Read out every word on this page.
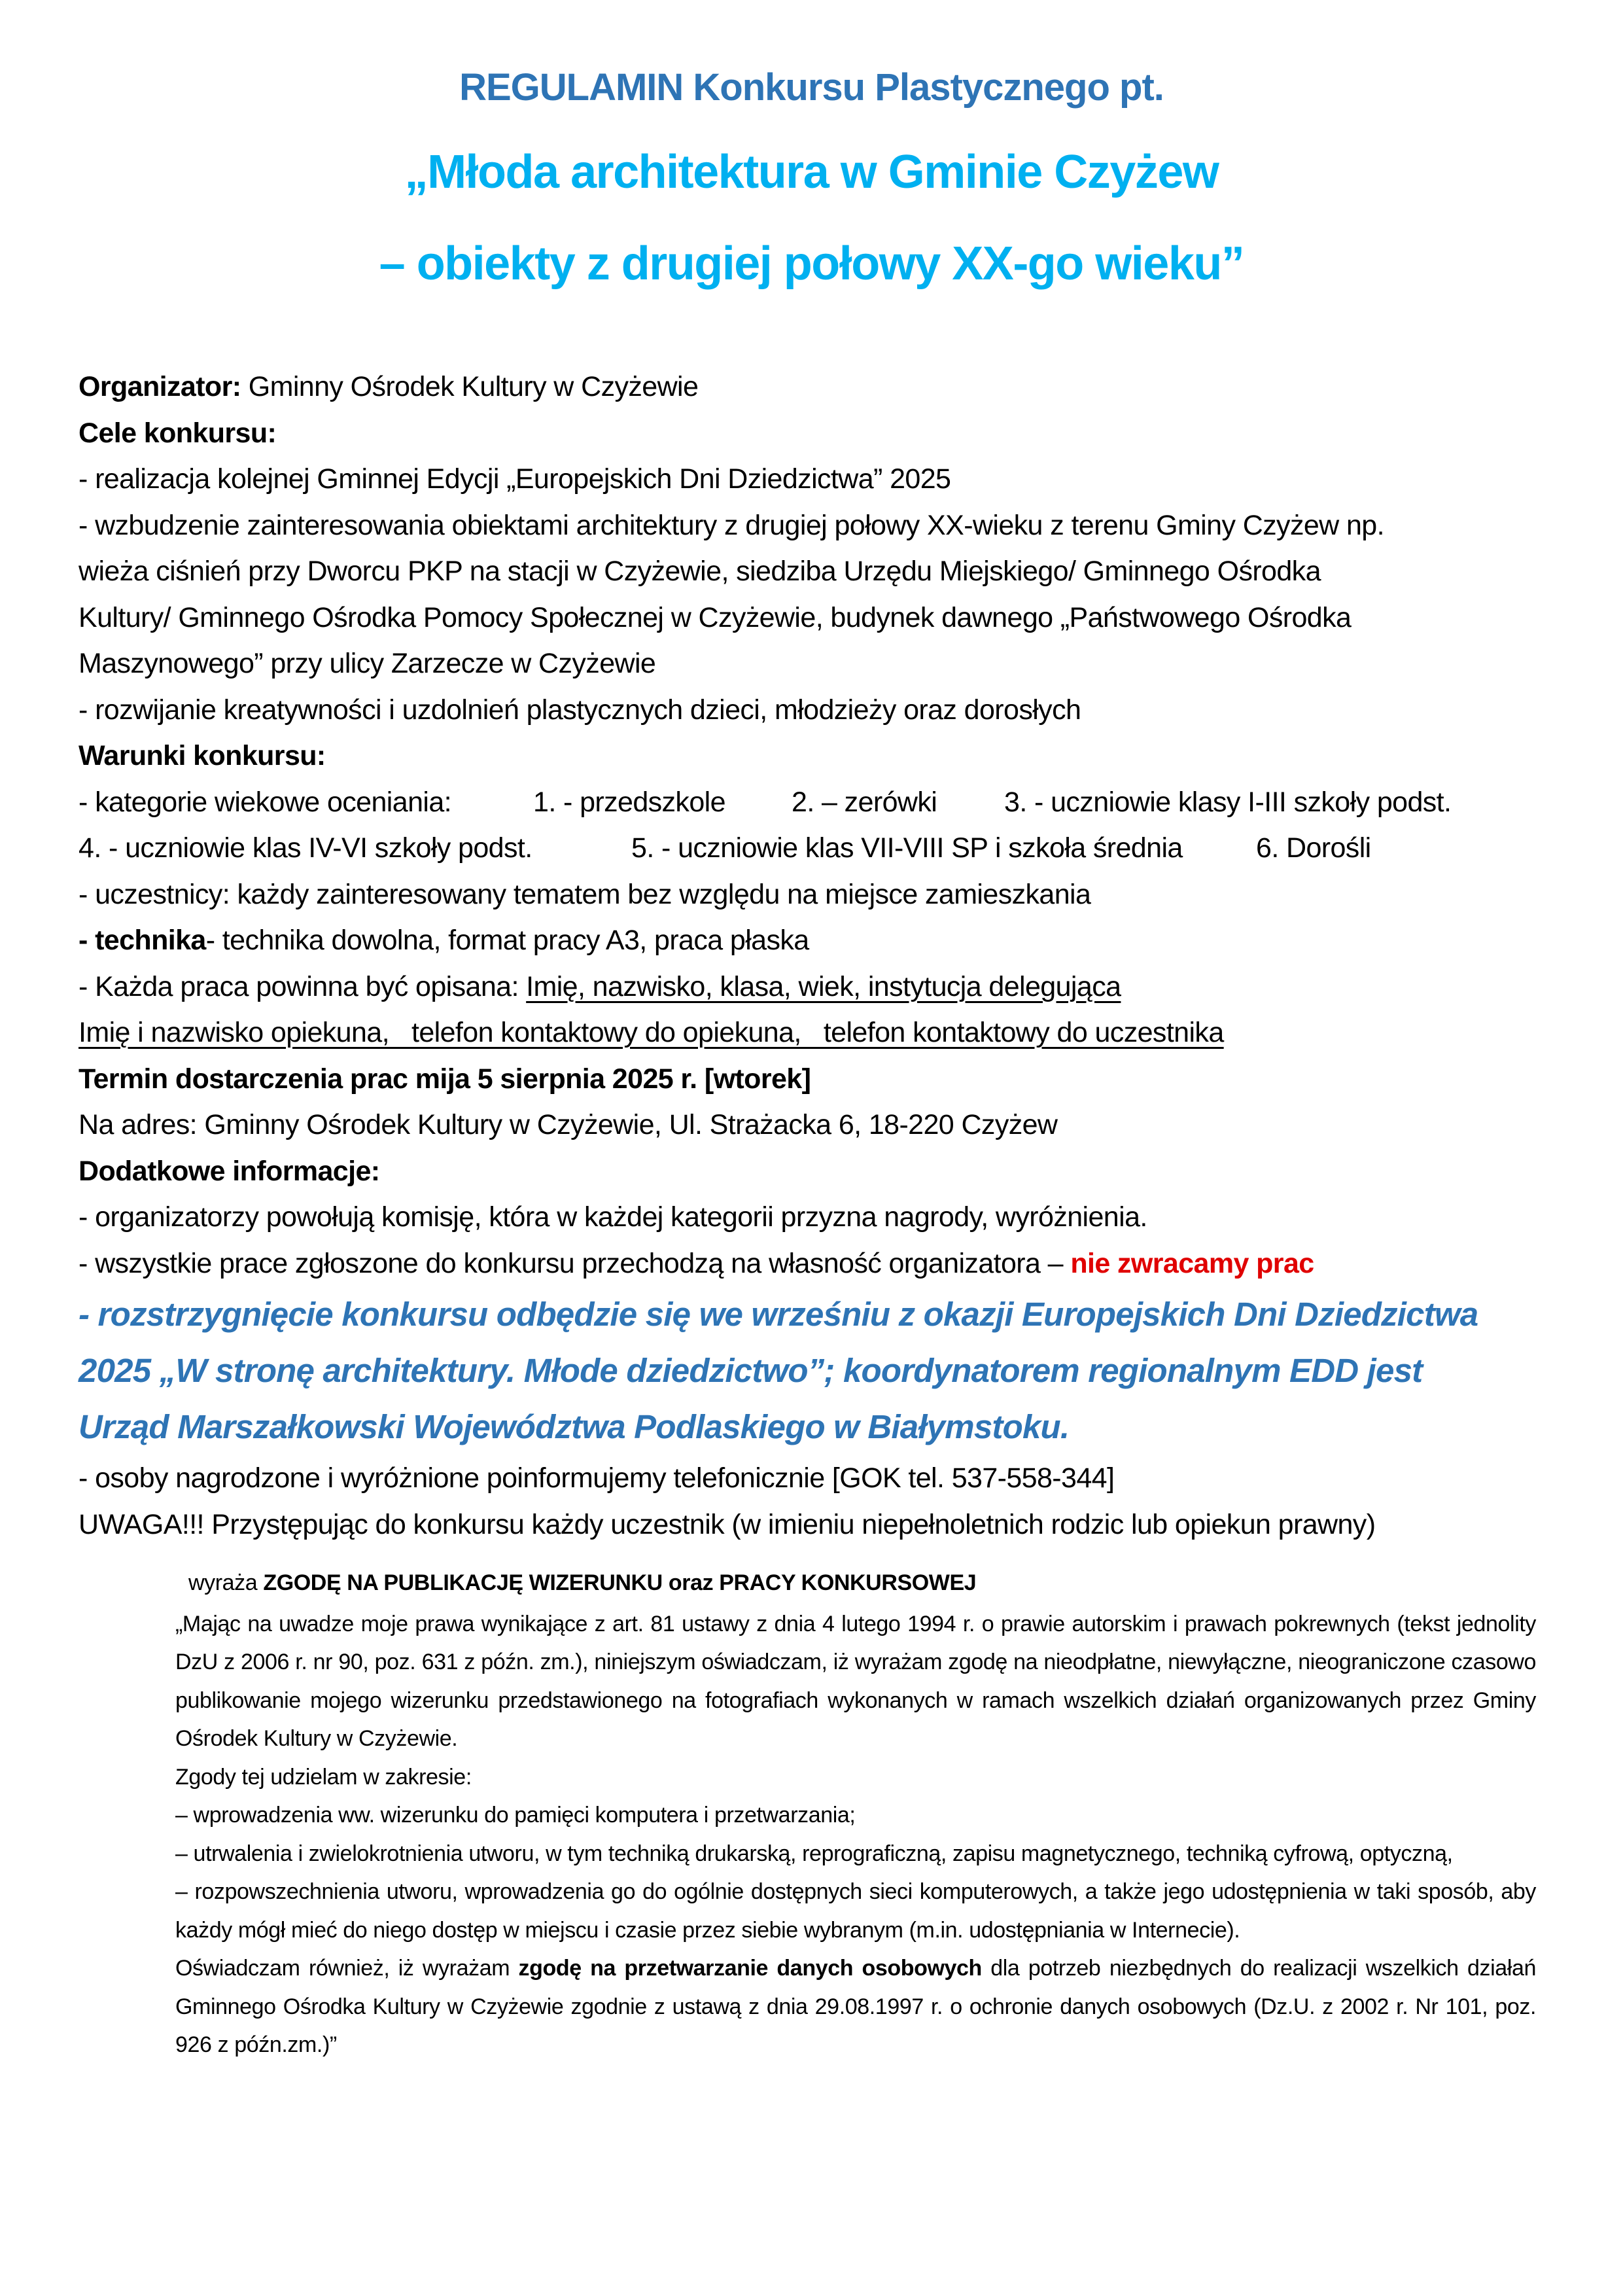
REGULAMIN Konkursu Plastycznego pt.
„Młoda architektura w Gminie Czyżew
– obiekty z drugiej połowy XX-go wieku”
Organizator: Gminny Ośrodek Kultury w Czyżewie
Cele konkursu:
- realizacja kolejnej Gminnej Edycji „Europejskich Dni Dziedzictwa” 2025
- wzbudzenie zainteresowania obiektami architektury z drugiej połowy XX-wieku z terenu Gminy Czyżew np.
wieża ciśnień przy Dworcu PKP na stacji w Czyżewie, siedziba Urzędu Miejskiego/ Gminnego Ośrodka
Kultury/ Gminnego Ośrodka Pomocy Społecznej w Czyżewie, budynek dawnego „Państwowego Ośrodka
Maszynowego” przy ulicy Zarzecze w Czyżewie
- rozwijanie kreatywności i uzdolnień plastycznych dzieci, młodzieży oraz dorosłych
Warunki konkursu:
- kategorie wiekowe oceniania:	1. - przedszkole 2. – zerówki 3. - uczniowie klasy I-III szkoły podst.
4. - uczniowie klas IV-VI szkoły podst.	5. - uczniowie klas VII-VIII SP i szkoła średnia	6. Dorośli
- uczestnicy: każdy zainteresowany tematem bez względu na miejsce zamieszkania
- technika- technika dowolna, format pracy A3, praca płaska
- Każda praca powinna być opisana: Imię, nazwisko, klasa, wiek, instytucja delegująca
Imię i nazwisko opiekuna,   telefon kontaktowy do opiekuna,   telefon kontaktowy do uczestnika
Termin dostarczenia prac mija 5 sierpnia 2025 r. [wtorek]
Na adres: Gminny Ośrodek Kultury w Czyżewie, Ul. Strażacka 6, 18-220 Czyżew
Dodatkowe informacje:
- organizatorzy powołują komisję, która w każdej kategorii przyzna nagrody, wyróżnienia.
- wszystkie prace zgłoszone do konkursu przechodzą na własność organizatora – nie zwracamy prac
- rozstrzygnięcie konkursu odbędzie się we wrześniu z okazji Europejskich Dni Dziedzictwa
2025 „W stronę architektury. Młode dziedzictwo”; koordynatorem regionalnym EDD jest
Urząd Marszałkowski Województwa Podlaskiego w Białymstoku.
- osoby nagrodzone i wyróżnione poinformujemy telefonicznie [GOK tel. 537-558-344]
UWAGA!!! Przystępując do konkursu każdy uczestnik (w imieniu niepełnoletnich rodzic lub opiekun prawny)
wyraża ZGODĘ NA PUBLIKACJĘ WIZERUNKU oraz PRACY KONKURSOWEJ
„Mając na uwadze moje prawa wynikające z art. 81 ustawy z dnia 4 lutego 1994 r. o prawie autorskim i prawach pokrewnych (tekst jednolity DzU z 2006 r. nr 90, poz. 631 z późn. zm.), niniejszym oświadczam, iż wyrażam zgodę na nieodpłatne, niewyłączne, nieograniczone czasowo publikowanie mojego wizerunku przedstawionego na fotografiach wykonanych w ramach wszelkich działań organizowanych przez Gminy Ośrodek Kultury w Czyżewie.
Zgody tej udzielam w zakresie:
– wprowadzenia ww. wizerunku do pamięci komputera i przetwarzania;
– utrwalenia i zwielokrotnienia utworu, w tym techniką drukarską, reprograficzną, zapisu magnetycznego, techniką cyfrową, optyczną,
– rozpowszechnienia utworu, wprowadzenia go do ogólnie dostępnych sieci komputerowych, a także jego udostępnienia w taki sposób, aby każdy mógł mieć do niego dostęp w miejscu i czasie przez siebie wybranym (m.in. udostępniania w Internecie).
Oświadczam również, iż wyrażam zgodę na przetwarzanie danych osobowych dla potrzeb niezbędnych do realizacji wszelkich działań Gminnego Ośrodka Kultury w Czyżewie zgodnie z ustawą z dnia 29.08.1997 r. o ochronie danych osobowych (Dz.U. z 2002 r. Nr 101, poz. 926 z późn.zm.)”
